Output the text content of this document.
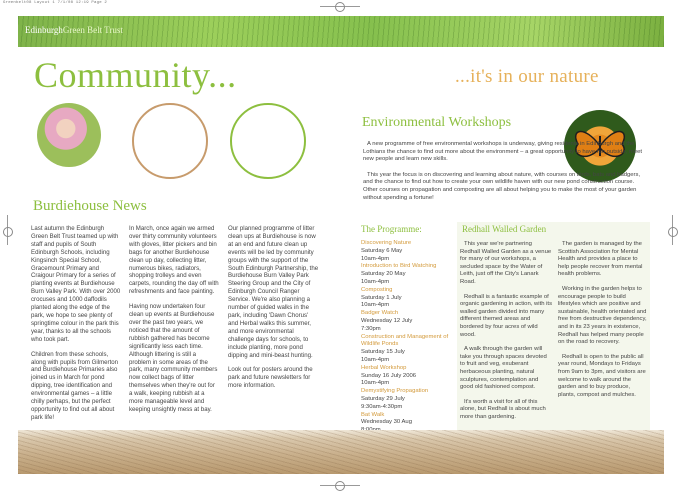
Greenbelt08 Layout 1 7/1/08 12:19 Page 2
EdinburghGreen Belt Trust
Community...	...it's in our nature
Burdiehouse News

Last autumn the Edinburgh Green Belt Trust teamed up with staff and pupils of South Edinburgh Schools, including Kingsinch Special School, Gracemount Primary and Craigour Primary for a series of planting events at Burdiehouse Burn Valley Park. With over 2000 crocuses and 1000 daffodils planted along the edge of the park, we hope to see plenty of springtime colour in the park this year, thanks to all the schools who took part.

Children from these schools, along with pupils from Gilmerton and Burdiehouse Primaries also joined us in March for pond dipping, tree identification and environmental games – a little chilly perhaps, but the perfect opportunity to find out all about park life!

In March, once again we armed over thirty community volunteers with gloves, litter pickers and bin bags for another Burdiehouse clean up day, collecting litter, numerous bikes, radiators, shopping trolleys and even carpets, rounding the day off with refreshments and face painting.

Having now undertaken four clean up events at Burdiehouse over the past two years, we noticed that the amount of rubbish gathered has become significantly less each time. Although littering is still a problem in some areas of the park, many community members now collect bags of litter themselves when they're out for a walk, keeping rubbish at a more manageable level and keeping unsightly mess at bay.

Our planned programme of litter clean ups at Burdiehouse is now at an end and future clean up events will be led by community groups with the support of the South Edinburgh Partnership, the Burdiehouse Burn Valley Park Steering Group and the City of Edinburgh Council Ranger Service. We're also planning a number of guided walks in the park, including 'Dawn Chorus' and Herbal walks this summer, and more environmental challenge days for schools, to include planting, more pond dipping and mini-beast hunting.

Look out for posters around the park and future newsletters for more information.

Environmental Workshops

A new programme of free environmental workshops is underway, giving residents in Edinburgh and the Lothians the chance to find out more about the environment – a great opportunity to have fun outside, meet new people and learn new skills.

This year the focus is on discovering and learning about nature, with courses on birds, bats and badgers, and the chance to find out how to create your own wildlife haven with our new pond construction course. Other courses on propagation and composting are all about helping you to make the most of your garden without spending a fortune!

The Programme:	Redhall Walled Garden
Discovering Nature
Saturday 6 May
10am-4pm
Introduction to Bird Watching
Saturday 20 May
10am-4pm
Composting
Saturday 1 July
10am-4pm
Badger Watch
Wednesday 12 July
7:30pm
Construction and Management of Wildlife Ponds
Saturday 15 July
10am-4pm
Herbal Workshop
Sunday 16 July 2006
10am-4pm
Demystifying Propagation
Saturday 29 July
9:30am-4:30pm
Bat Walk
Wednesday 30 Aug

This year we're partnering Redhall Walled Garden as a venue for many of our workshops, a secluded space by the Water of Leith, just off the City's Lanark Road.

Redhall is a fantastic example of organic gardening in action, with its walled garden divided into many different themed areas and bordered by four acres of wild wood.

A walk through the garden will take you through spaces devoted to fruit and veg, exuberant herbaceous planting, natural sculptures, contemplation and good old fashioned compost.

It's worth a visit for all of this alone, but Redhall is about much more than gardening.

The garden is managed by the Scottish Association for Mental Health and provides a place to help people recover from mental health problems.

Working in the garden helps to encourage people to build lifestyles which are positive and sustainable, health orientated and free from destructive dependency, and in its 23 years in existence, Redhall has helped many people on the road to recovery.

Redhall is open to the public all year round, Mondays to Fridays from 9am to 3pm, and visitors are welcome to walk around the garden and to buy produce, plants, compost and mulches.
